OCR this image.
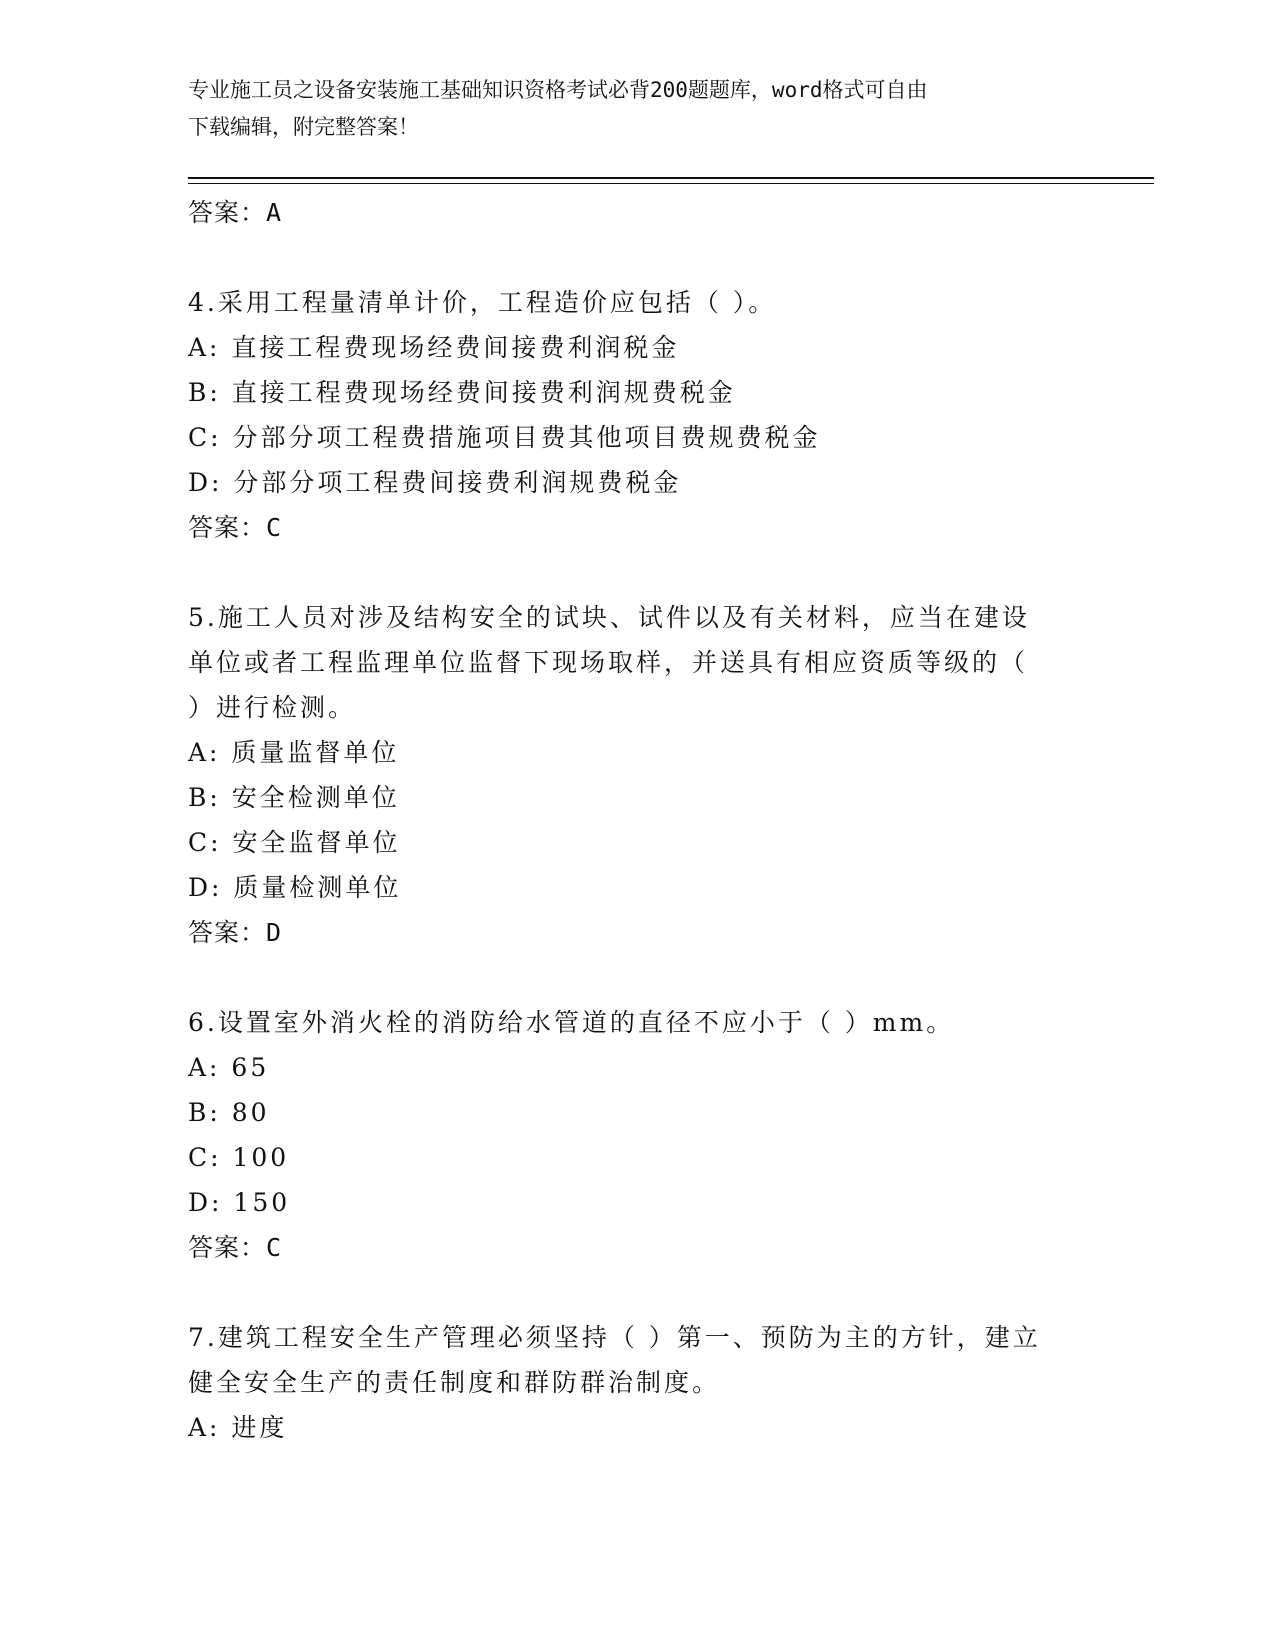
专业施工员之设备安装施工基础知识资格考试必背200题题库，word格式可自由
下载编辑，附完整答案！
答案：A
4.采用工程量清单计价，工程造价应包括（ ）。
A: 直接工程费现场经费间接费利润税金
B: 直接工程费现场经费间接费利润规费税金
C: 分部分项工程费措施项目费其他项目费规费税金
D: 分部分项工程费间接费利润规费税金
答案：C
5.施工人员对涉及结构安全的试块、试件以及有关材料，应当在建设
单位或者工程监理单位监督下现场取样，并送具有相应资质等级的（
）进行检测。
A: 质量监督单位
B: 安全检测单位
C: 安全监督单位
D: 质量检测单位
答案：D
6.设置室外消火栓的消防给水管道的直径不应小于（ ）mm。
A: 65
B: 80
C: 100
D: 150
答案：C
7.建筑工程安全生产管理必须坚持（ ）第一、预防为主的方针，建立
健全安全生产的责任制度和群防群治制度。
A: 进度
